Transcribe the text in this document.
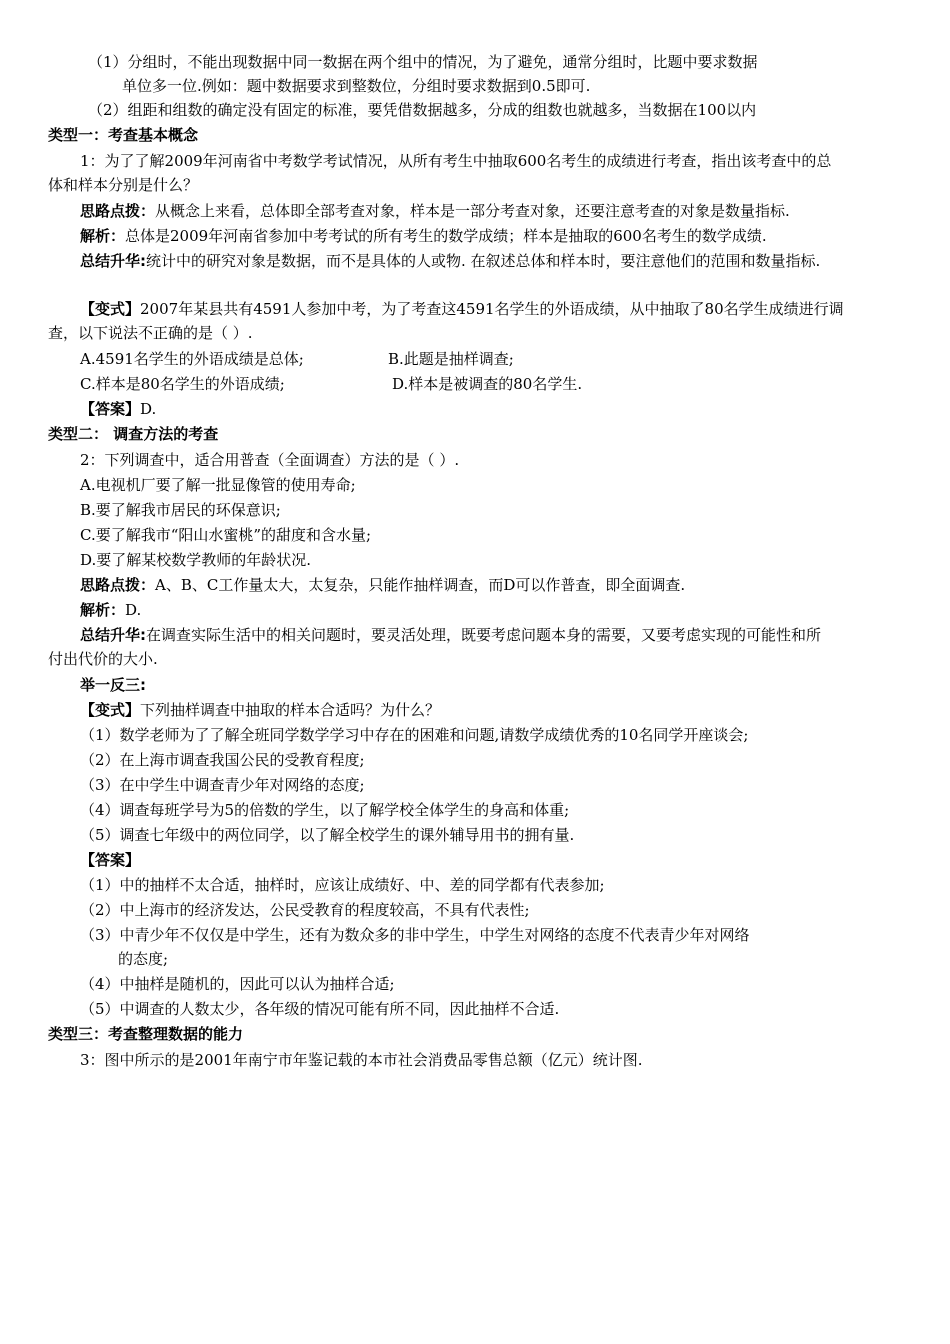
（1）分组时，不能出现数据中同一数据在两个组中的情况，为了避免，通常分组时，比题中要求数据
单位多一位.例如：题中数据要求到整数位，分组时要求数据到0.5即可.
（2）组距和组数的确定没有固定的标准，要凭借数据越多，分成的组数也就越多，当数据在100以内
类型一：考查基本概念
1：为了了解2009年河南省中考数学考试情况，从所有考生中抽取600名考生的成绩进行考查，指出该考查中的总
体和样本分别是什么？
思路点拨：从概念上来看，总体即全部考查对象，样本是一部分考查对象，还要注意考查的对象是数量指标.
解析：总体是2009年河南省参加中考考试的所有考生的数学成绩；样本是抽取的600名考生的数学成绩.
总结升华:统计中的研究对象是数据，而不是具体的人或物. 在叙述总体和样本时，要注意他们的范围和数量指标.
【变式】2007年某县共有4591人参加中考，为了考查这4591名学生的外语成绩，从中抽取了80名学生成绩进行调
查，以下说法不正确的是（ ）.
A.4591名学生的外语成绩是总体;	B.此题是抽样调查;
C.样本是80名学生的外语成绩;	D.样本是被调查的80名学生.
【答案】D.
类型二： 调查方法的考查
2：下列调查中，适合用普查（全面调查）方法的是（ ）.
A.电视机厂要了解一批显像管的使用寿命;
B.要了解我市居民的环保意识;
C.要了解我市“阳山水蜜桃”的甜度和含水量;
D.要了解某校数学教师的年龄状况.
思路点拨：A、B、C工作量太大，太复杂，只能作抽样调查，而D可以作普查，即全面调查.
解析：D.
总结升华:在调查实际生活中的相关问题时，要灵活处理，既要考虑问题本身的需要，又要考虑实现的可能性和所
付出代价的大小.
举一反三:
【变式】下列抽样调查中抽取的样本合适吗？为什么？
（1）数学老师为了了解全班同学数学学习中存在的困难和问题,请数学成绩优秀的10名同学开座谈会;
（2）在上海市调查我国公民的受教育程度;
（3）在中学生中调查青少年对网络的态度;
（4）调查每班学号为5的倍数的学生，以了解学校全体学生的身高和体重;
（5）调查七年级中的两位同学，以了解全校学生的课外辅导用书的拥有量.
【答案】
（1）中的抽样不太合适，抽样时，应该让成绩好、中、差的同学都有代表参加;
（2）中上海市的经济发达，公民受教育的程度较高，不具有代表性;
（3）中青少年不仅仅是中学生，还有为数众多的非中学生，中学生对网络的态度不代表青少年对网络
的态度;
（4）中抽样是随机的，因此可以认为抽样合适;
（5）中调查的人数太少，各年级的情况可能有所不同，因此抽样不合适.
类型三：考查整理数据的能力
3：图中所示的是2001年南宁市年鉴记载的本市社会消费品零售总额（亿元）统计图.
